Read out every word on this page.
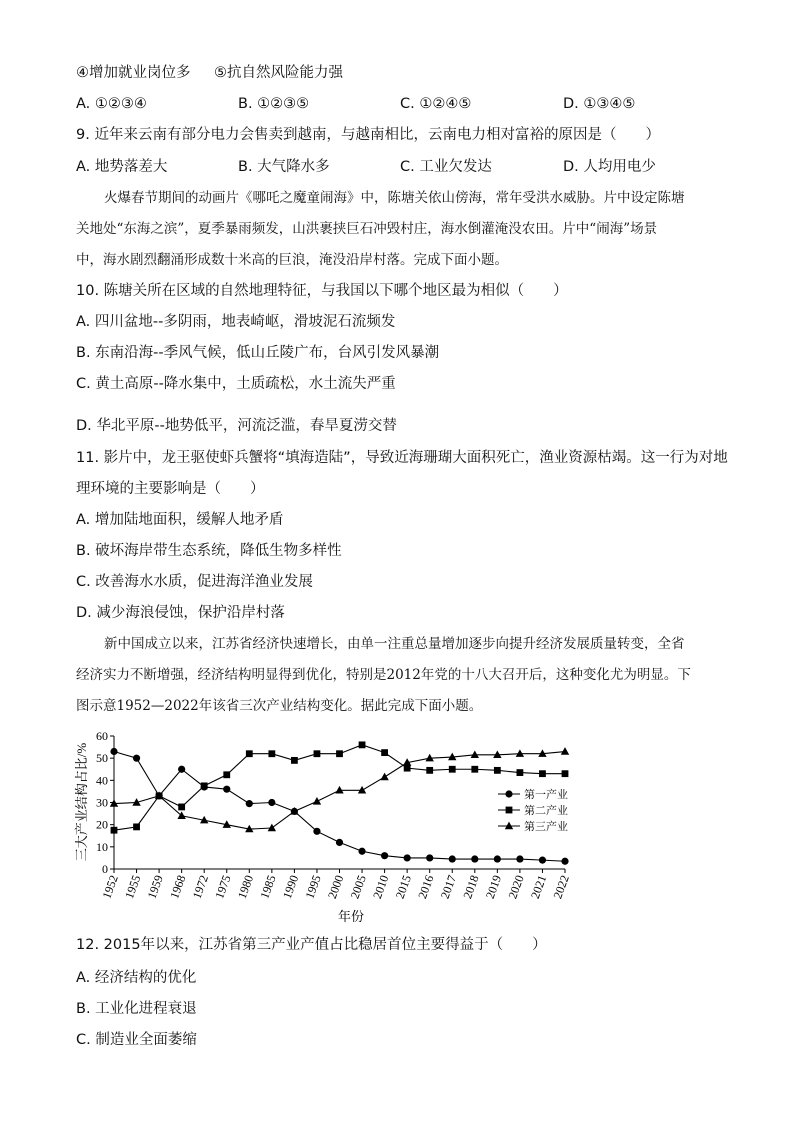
④增加就业岗位多 ⑤抗自然风险能力强
A. ①②③④	B. ①②③⑤	C. ①②④⑤	D. ①③④⑤
9. 近年来云南有部分电力会售卖到越南，与越南相比，云南电力相对富裕的原因是（　　）
A. 地势落差大	B. 大气降水多	C. 工业欠发达	D. 人均用电少
火爆春节期间的动画片《哪吒之魔童闹海》中，陈塘关依山傍海，常年受洪水威胁。片中设定陈塘
关地处“东海之滨”，夏季暴雨频发，山洪裹挟巨石冲毁村庄，海水倒灌淹没农田。片中“闹海”场景
中，海水剧烈翻涌形成数十米高的巨浪，淹没沿岸村落。完成下面小题。
10. 陈塘关所在区域的自然地理特征，与我国以下哪个地区最为相似（　　）
A. 四川盆地--多阴雨，地表崎岖，滑坡泥石流频发
B. 东南沿海--季风气候，低山丘陵广布，台风引发风暴潮
C. 黄土高原--降水集中，土质疏松，水土流失严重
D. 华北平原--地势低平，河流泛滥，春旱夏涝交替
11. 影片中，龙王驱使虾兵蟹将“填海造陆”，导致近海珊瑚大面积死亡，渔业资源枯竭。这一行为对地
理环境的主要影响是（　　）
A. 增加陆地面积，缓解人地矛盾
B. 破坏海岸带生态系统，降低生物多样性
C. 改善海水水质，促进海洋渔业发展
D. 减少海浪侵蚀，保护沿岸村落
新中国成立以来，江苏省经济快速增长，由单一注重总量增加逐步向提升经济发展质量转变，全省
经济实力不断增强，经济结构明显得到优化，特别是2012年党的十八大召开后，这种变化尤为明显。下
图示意1952—2022年该省三次产业结构变化。据此完成下面小题。
0
10
20
30
40
50
60
1952 1955 1959 1968 1972 1975 1980 1985 1990 1995 2000 2005 2010 2015 2016 2017 2018 2019 2020 2021 2022
第一产业
第二产业
第三产业
年份
三大产业结构占比/%
12. 2015年以来，江苏省第三产业产值占比稳居首位主要得益于（　　）
A. 经济结构的优化
B. 工业化进程衰退
C. 制造业全面萎缩
